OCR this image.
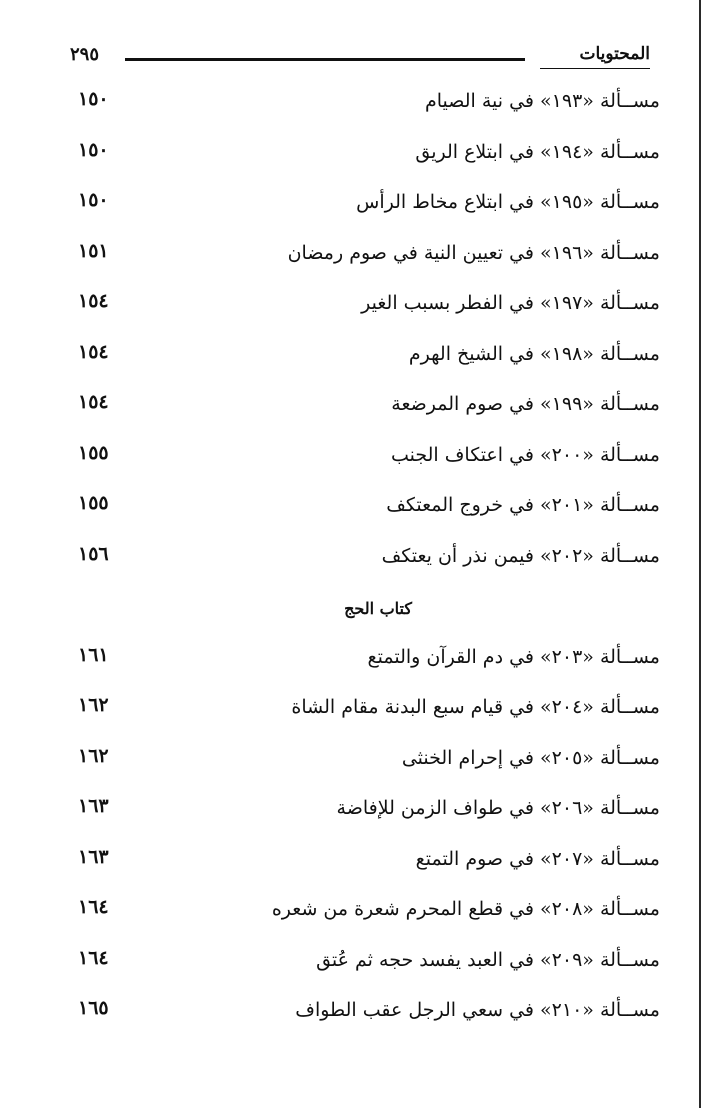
٢٩٥	المحتويات
مســألة «١٩٣» في نية الصيام
١٥٠
مســألة «١٩٤» في ابتلاع الريق
١٥٠
مســألة «١٩٥» في ابتلاع مخاط الرأس
١٥٠
مســألة «١٩٦» في تعيين النية في صوم رمضان
١٥١
مســألة «١٩٧» في الفطر بسبب الغير
١٥٤
مســألة «١٩٨» في الشيخ الهرم
١٥٤
مســألة «١٩٩» في صوم المرضعة
١٥٤
مســألة «٢٠٠» في اعتكاف الجنب
١٥٥
مســألة «٢٠١» في خروج المعتكف
١٥٥
مســألة «٢٠٢» فيمن نذر أن يعتكف
١٥٦
كتاب الحج
مســألة «٢٠٣» في دم القرآن والتمتع
١٦١
مســألة «٢٠٤» في قيام سبع البدنة مقام الشاة
١٦٢
مســألة «٢٠٥» في إحرام الخنثى
١٦٢
مســألة «٢٠٦» في طواف الزمن للإفاضة
١٦٣
مســألة «٢٠٧» في صوم التمتع
١٦٣
مســألة «٢٠٨» في قطع المحرم شعرة من شعره
١٦٤
مســألة «٢٠٩» في العبد يفسد حجه ثم عُتق
١٦٤
مســألة «٢١٠» في سعي الرجل عقب الطواف
١٦٥
